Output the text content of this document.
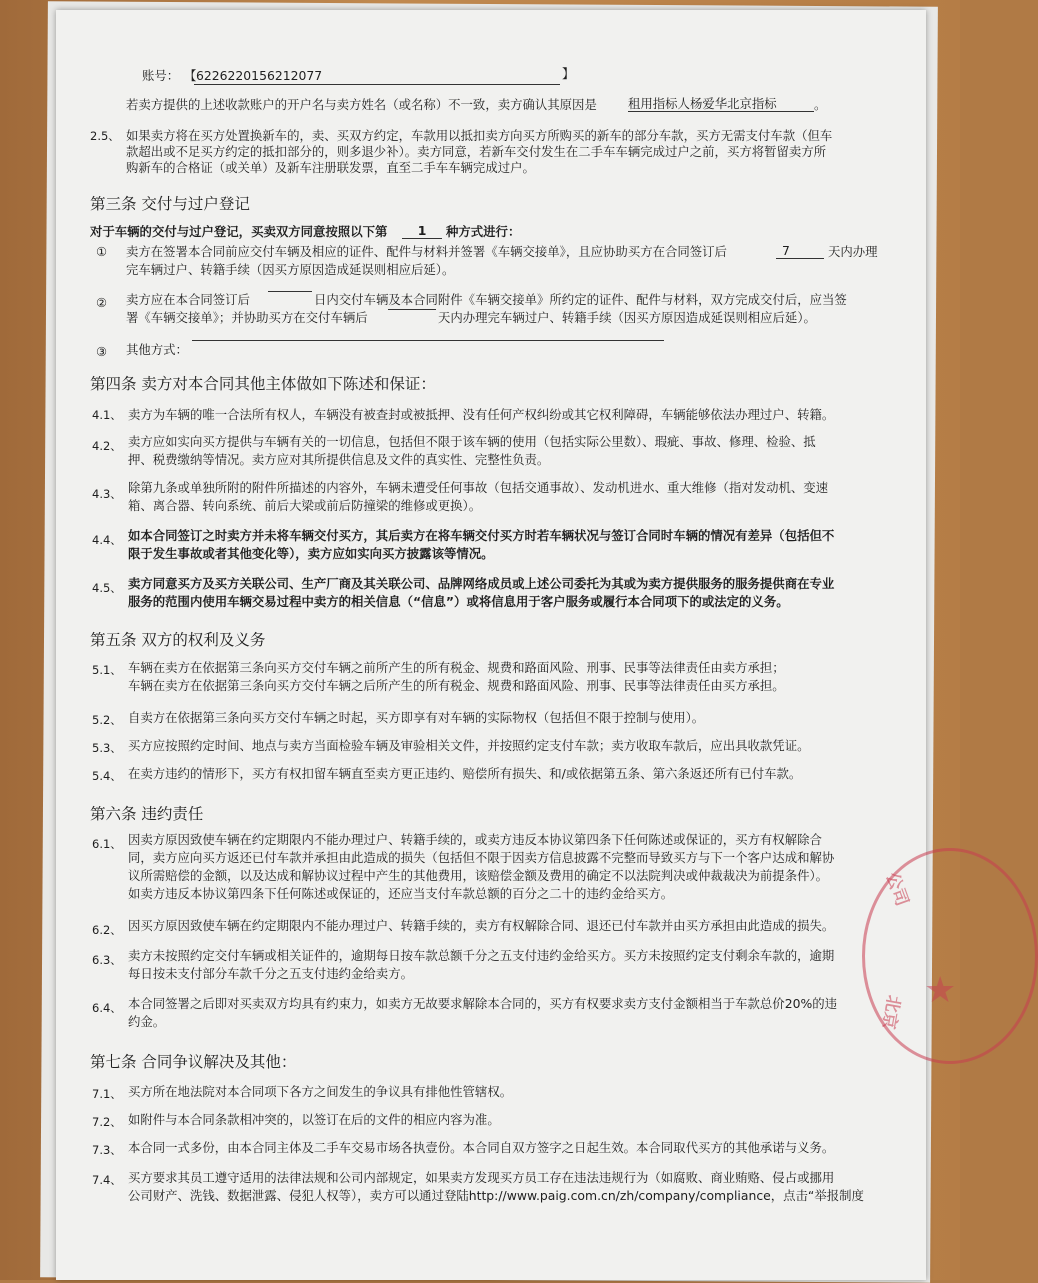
账号： 【 6226220156212077	】
若卖方提供的上述收款账户的开户名与卖方姓名（或名称）不一致，卖方确认其原因是	租用指标人杨爱华北京指标	。
2.5、 如果卖方将在买方处置换新车的，卖、买双方约定，车款用以抵扣卖方向买方所购买的新车的部分车款，买方无需支付车款（但车
款超出或不足买方约定的抵扣部分的，则多退少补）。卖方同意，若新车交付发生在二手车车辆完成过户之前，买方将暂留卖方所
购新车的合格证（或关单）及新车注册联发票，直至二手车车辆完成过户。
第三条 交付与过户登记
对于车辆的交付与过户登记，买卖双方同意按照以下第	1	种方式进行：
① 卖方在签署本合同前应交付车辆及相应的证件、配件与材料并签署《车辆交接单》，且应协助买方在合同签订后	7	天内办理
完车辆过户、转籍手续（因买方原因造成延误则相应后延）。
② 卖方应在本合同签订后	日内交付车辆及本合同附件《车辆交接单》所约定的证件、配件与材料，双方完成交付后，应当签
署《车辆交接单》；并协助买方在交付车辆后	天内办理完车辆过户、转籍手续（因买方原因造成延误则相应后延）。
③ 其他方式：
第四条 卖方对本合同其他主体做如下陈述和保证：
4.1、 卖方为车辆的唯一合法所有权人，车辆没有被查封或被抵押、没有任何产权纠纷或其它权利障碍，车辆能够依法办理过户、转籍。
4.2、 卖方应如实向买方提供与车辆有关的一切信息，包括但不限于该车辆的使用（包括实际公里数）、瑕疵、事故、修理、检验、抵
押、税费缴纳等情况。卖方应对其所提供信息及文件的真实性、完整性负责。
4.3、 除第九条或单独所附的附件所描述的内容外，车辆未遭受任何事故（包括交通事故）、发动机进水、重大维修（指对发动机、变速
箱、离合器、转向系统、前后大梁或前后防撞梁的维修或更换）。
4.4、 如本合同签订之时卖方并未将车辆交付买方，其后卖方在将车辆交付买方时若车辆状况与签订合同时车辆的情况有差异（包括但不
限于发生事故或者其他变化等），卖方应如实向买方披露该等情况。
4.5、 卖方同意买方及买方关联公司、生产厂商及其关联公司、品牌网络成员或上述公司委托为其或为卖方提供服务的服务提供商在专业
服务的范围内使用车辆交易过程中卖方的相关信息（“信息”）或将信息用于客户服务或履行本合同项下的或法定的义务。
第五条 双方的权利及义务
5.1、 车辆在卖方在依据第三条向买方交付车辆之前所产生的所有税金、规费和路面风险、刑事、民事等法律责任由卖方承担；
车辆在卖方在依据第三条向买方交付车辆之后所产生的所有税金、规费和路面风险、刑事、民事等法律责任由买方承担。
5.2、 自卖方在依据第三条向买方交付车辆之时起，买方即享有对车辆的实际物权（包括但不限于控制与使用）。
5.3、 买方应按照约定时间、地点与卖方当面检验车辆及审验相关文件，并按照约定支付车款；卖方收取车款后，应出具收款凭证。
5.4、 在卖方违约的情形下，买方有权扣留车辆直至卖方更正违约、赔偿所有损失、和/或依据第五条、第六条返还所有已付车款。
第六条 违约责任
6.1、 因卖方原因致使车辆在约定期限内不能办理过户、转籍手续的，或卖方违反本协议第四条下任何陈述或保证的，买方有权解除合
同，卖方应向买方返还已付车款并承担由此造成的损失（包括但不限于因卖方信息披露不完整而导致买方与下一个客户达成和解协
议所需赔偿的金额，以及达成和解协议过程中产生的其他费用，该赔偿金额及费用的确定不以法院判决或仲裁裁决为前提条件）。
如卖方违反本协议第四条下任何陈述或保证的，还应当支付车款总额的百分之二十的违约金给买方。
6.2、 因买方原因致使车辆在约定期限内不能办理过户、转籍手续的，卖方有权解除合同、退还已付车款并由买方承担由此造成的损失。
6.3、 卖方未按照约定交付车辆或相关证件的，逾期每日按车款总额千分之五支付违约金给买方。买方未按照约定支付剩余车款的，逾期
每日按未支付部分车款千分之五支付违约金给卖方。
6.4、 本合同签署之后即对买卖双方均具有约束力，如卖方无故要求解除本合同的，买方有权要求卖方支付金额相当于车款总价20%的违
约金。
第七条 合同争议解决及其他：
7.1、 买方所在地法院对本合同项下各方之间发生的争议具有排他性管辖权。
7.2、 如附件与本合同条款相冲突的，以签订在后的文件的相应内容为准。
7.3、 本合同一式多份，由本合同主体及二手车交易市场各执壹份。本合同自双方签字之日起生效。本合同取代买方的其他承诺与义务。
7.4、 买方要求其员工遵守适用的法律法规和公司内部规定，如果卖方发现买方员工存在违法违规行为（如腐败、商业贿赂、侵占或挪用
公司财产、洗钱、数据泄露、侵犯人权等），卖方可以通过登陆http://www.paig.com.cn/zh/company/compliance，点击“举报制度
公司
北京
★
